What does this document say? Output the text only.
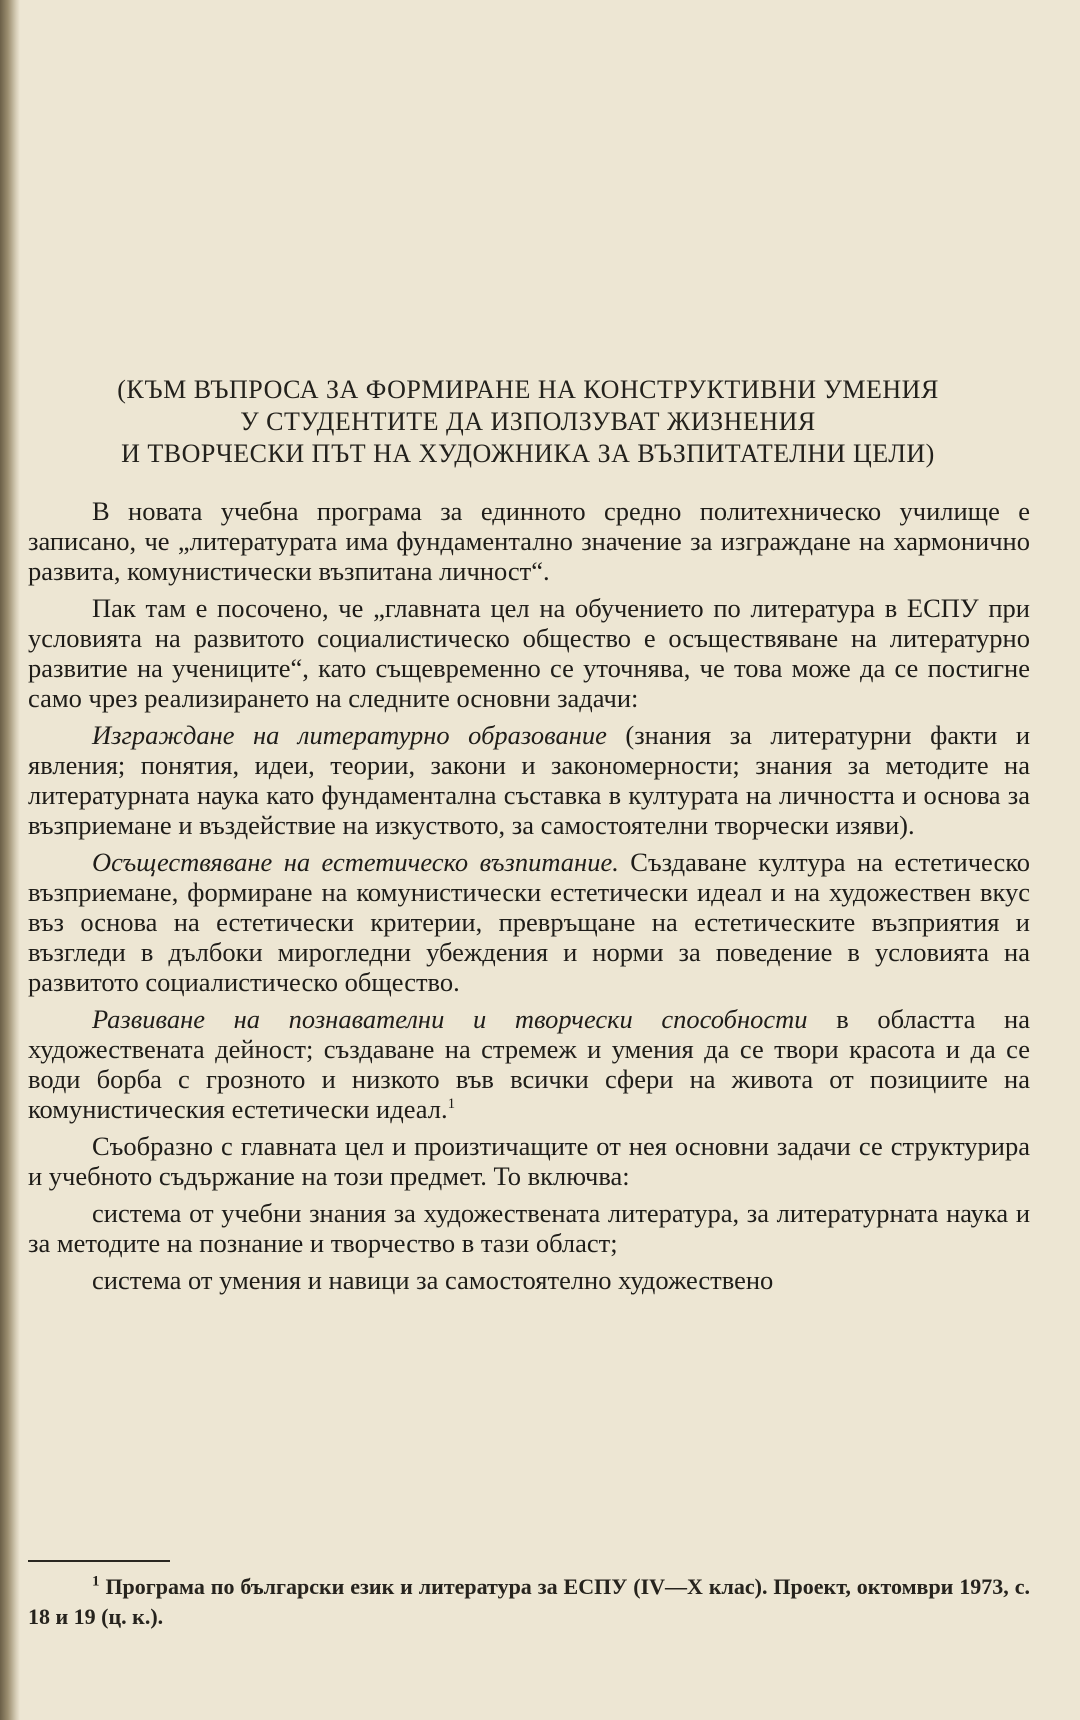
(КЪМ ВЪПРОСА ЗА ФОРМИРАНЕ НА КОНСТРУКТИВНИ УМЕНИЯ
У СТУДЕНТИТЕ ДА ИЗПОЛЗУВАТ ЖИЗНЕНИЯ
И ТВОРЧЕСКИ ПЪТ НА ХУДОЖНИКА ЗА ВЪЗПИТАТЕЛНИ ЦЕЛИ)

В новата учебна програма за единното средно политехническо училище е записано, че „литературата има фундаментално значение за изграждане на хармонично развита, комунистически възпитана личност“.

Пак там е посочено, че „главната цел на обучението по литература в ЕСПУ при условията на развитото социалистическо общество е осъществяване на литературно развитие на учениците“, като същевременно се уточнява, че това може да се постигне само чрез реализирането на следните основни задачи:

Изграждане на литературно образование (знания за литературни факти и явления; понятия, идеи, теории, закони и закономерности; знания за методите на литературната наука като фундаментална съставка в културата на личността и основа за възприемане и въздействие на изкуството, за самостоятелни творчески изяви).

Осъществяване на естетическо възпитание. Създаване култура на естетическо възприемане, формиране на комунистически естетически идеал и на художествен вкус въз основа на естетически критерии, превръщане на естетическите възприятия и възгледи в дълбоки мирогледни убеждения и норми за поведение в условията на развитото социалистическо общество.

Развиване на познавателни и творчески способности в областта на художествената дейност; създаване на стремеж и умения да се твори красота и да се води борба с грозното и низкото във всички сфери на живота от позициите на комунистическия естетически идеал.$^1$

Съобразно с главната цел и произтичащите от нея основни задачи се структурира и учебното съдържание на този предмет. То включва:

система от учебни знания за художествената литература, за литературната наука и за методите на познание и творчество в тази област;

система от умения и навици за самостоятелно художествено

$^1$ Програма по български език и литература за ЕСПУ (IV—X клас). Проект, октомври 1973, с. 18 и 19 (ц. к.).
